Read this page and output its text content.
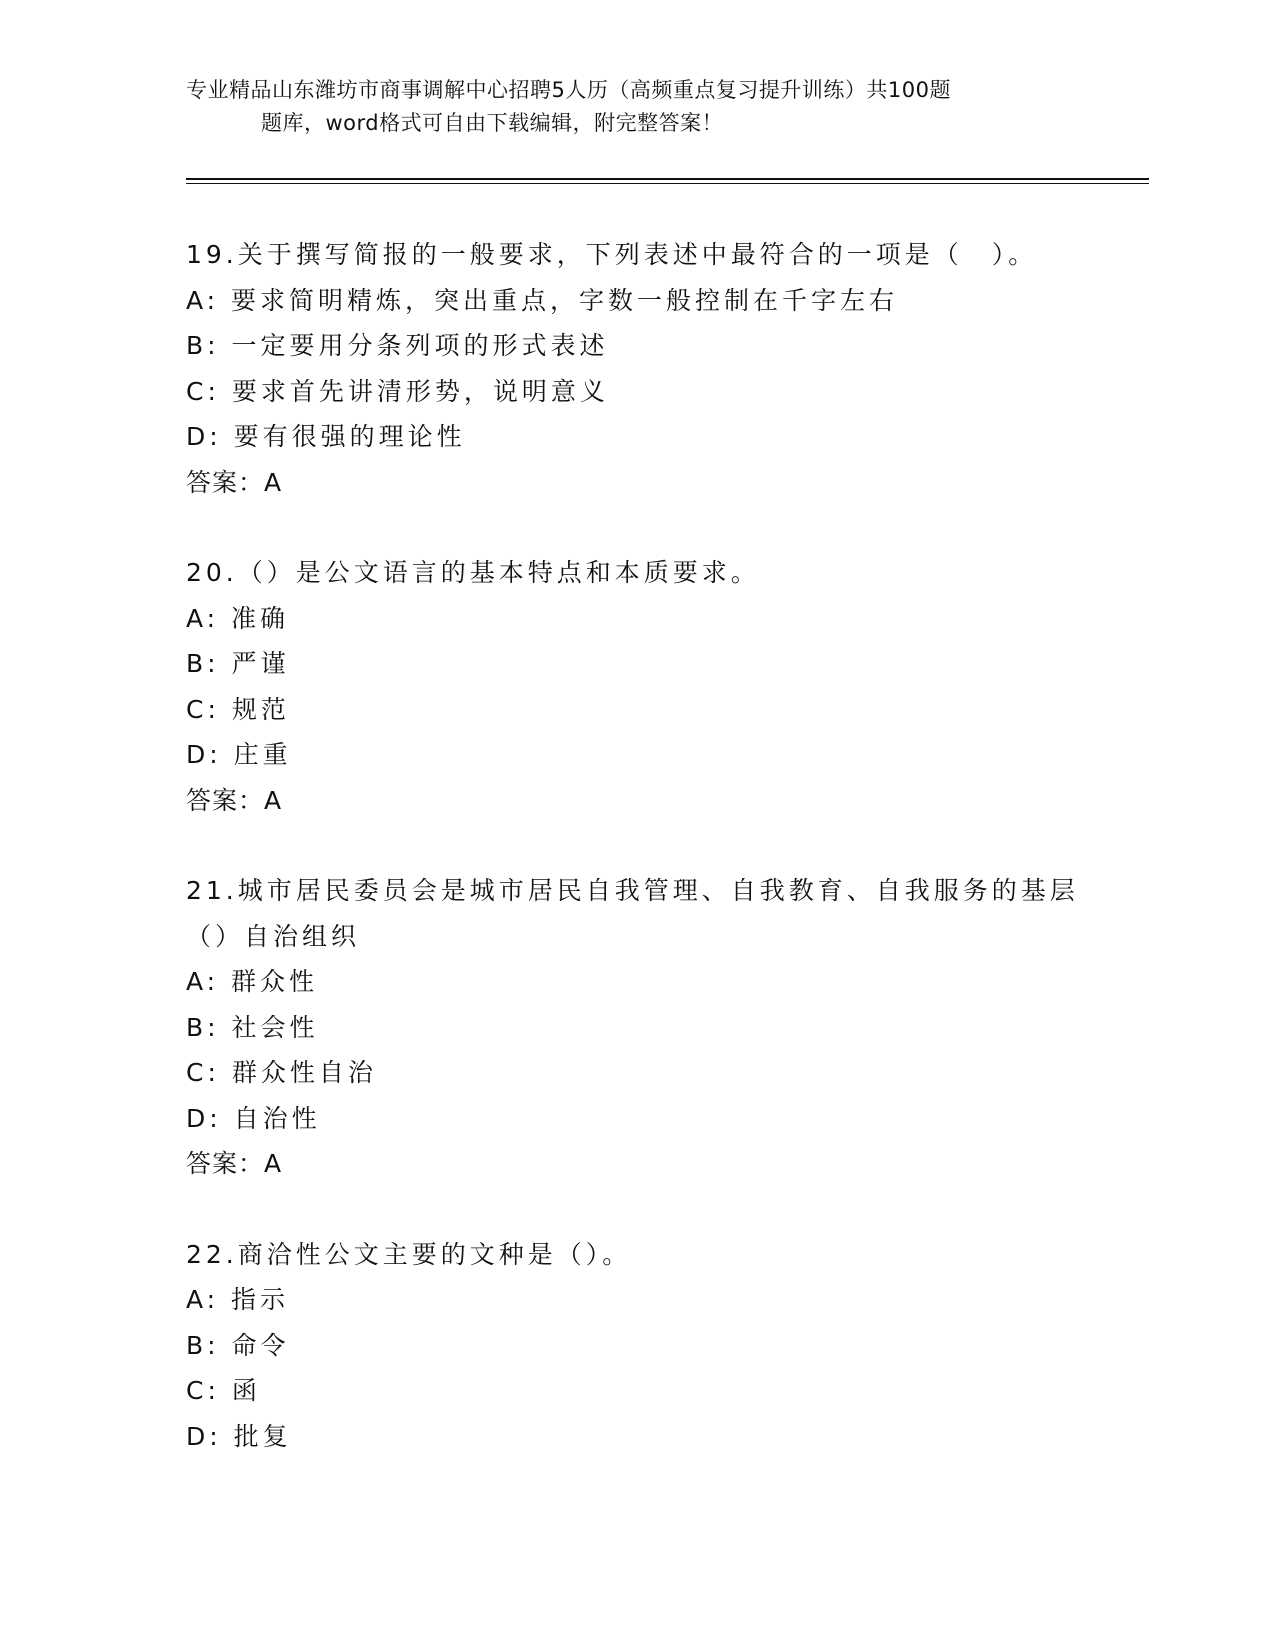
专业精品山东潍坊市商事调解中心招聘5人历（高频重点复习提升训练）共100题
题库，word格式可自由下载编辑，附完整答案！
19.关于撰写简报的一般要求，下列表述中最符合的一项是（　）。
A: 要求简明精炼，突出重点，字数一般控制在千字左右
B: 一定要用分条列项的形式表述
C: 要求首先讲清形势，说明意义
D: 要有很强的理论性
答案：A
20.（）是公文语言的基本特点和本质要求。
A: 准确
B: 严谨
C: 规范
D: 庄重
答案：A
21.城市居民委员会是城市居民自我管理、自我教育、自我服务的基层
（）自治组织
A: 群众性
B: 社会性
C: 群众性自治
D: 自治性
答案：A
22.商洽性公文主要的文种是（）。
A: 指示
B: 命令
C: 函
D: 批复
